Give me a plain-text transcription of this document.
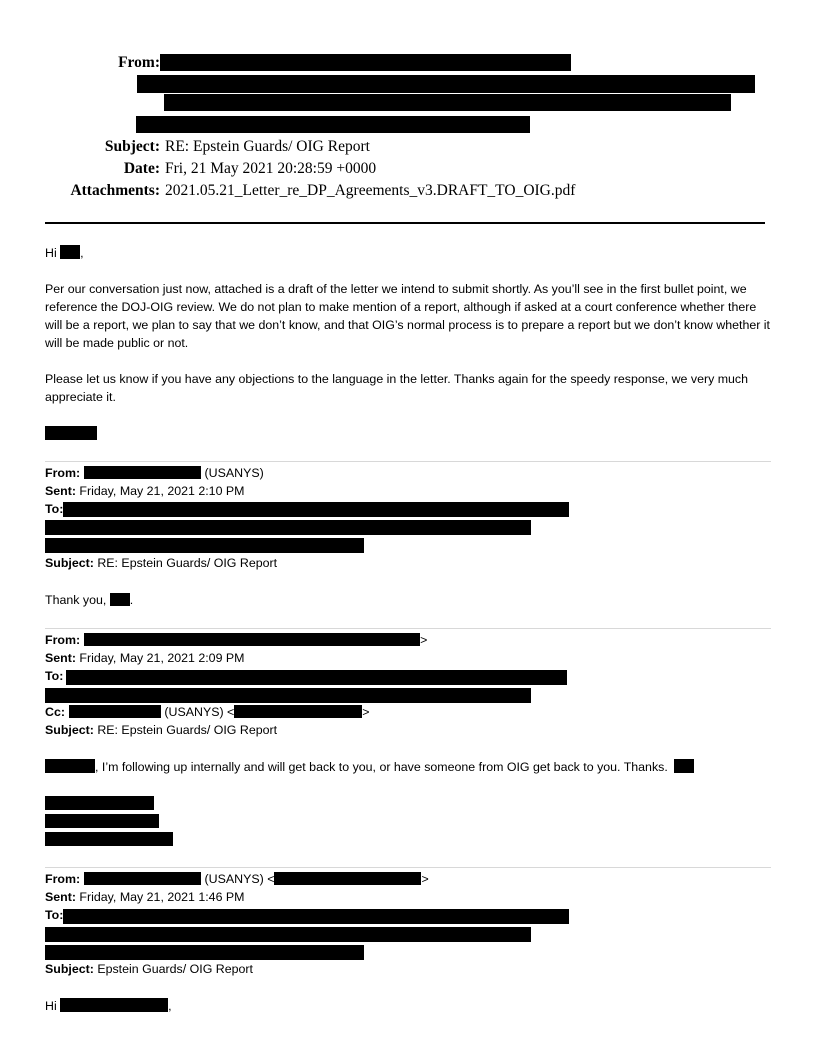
From:
Subject: RE: Epstein Guards/ OIG Report
Date: Fri, 21 May 2021 20:28:59 +0000
Attachments: 2021.05.21_Letter_re_DP_Agreements_v3.DRAFT_TO_OIG.pdf
Hi ,
Per our conversation just now, attached is a draft of the letter we intend to submit shortly. As you’ll see in the first bullet point, we reference the DOJ-OIG review. We do not plan to make mention of a report, although if asked at a court conference whether there will be a report, we plan to say that we don’t know, and that OIG’s normal process is to prepare a report but we don’t know whether it will be made public or not.
Please let us know if you have any objections to the language in the letter. Thanks again for the speedy response, we very much appreciate it.
From:	(USANYS)
Sent: Friday, May 21, 2021 2:10 PM
To:
Subject: RE: Epstein Guards/ OIG Report
Thank you, .
From:	>
Sent: Friday, May 21, 2021 2:09 PM
To:
Cc:	(USANYS) <	>
Subject: RE: Epstein Guards/ OIG Report
, I’m following up internally and will get back to you, or have someone from OIG get back to you. Thanks.
From:	(USANYS) <	>
Sent: Friday, May 21, 2021 1:46 PM
To:
Subject: Epstein Guards/ OIG Report
Hi	,
